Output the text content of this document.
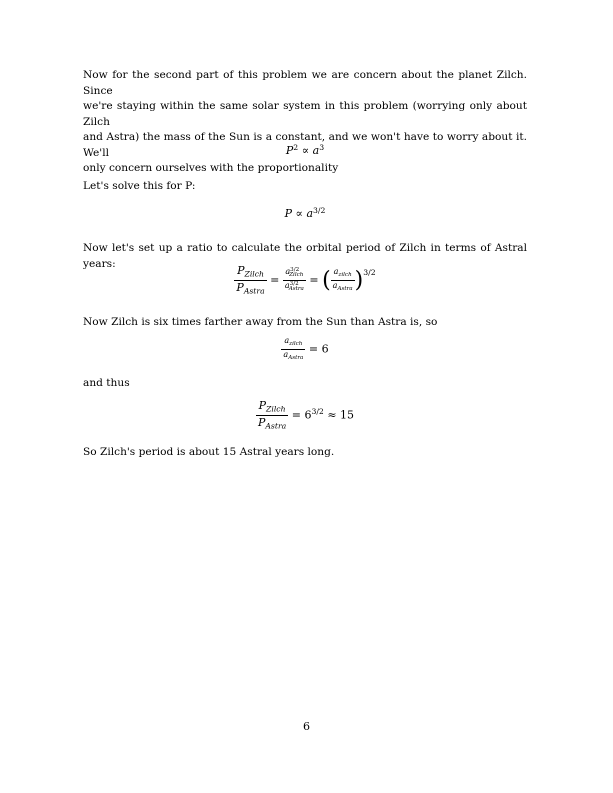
Now for the second part of this problem we are concern about the planet Zilch. Since
we're staying within the same solar system in this problem (worrying only about Zilch
and Astra) the mass of the Sun is a constant, and we won't have to worry about it. We'll
only concern ourselves with the proportionality

$P^2 \propto a^3$

Let's solve this for P:

$P \propto a^{3/2}$

Now let's set up a ratio to calculate the orbital period of Zilch in terms of Astral years:

$\frac{P_{Zilch}}{P_{Astra}} = \frac{a^{3/2}_{Zilch}}{a^{3/2}_{Astra}}$ = ( $\frac{a_{zilch}}{a_{Astra}} )^{3/2}$

Now Zilch is six times farther away from the Sun than Astra is, so

$\frac{a_{zilch}}{a_{Astra}} = 6$

and thus

$\frac{P_{Zilch}}{P_{Astra}} = 6^{3/2} \approx 15$

So Zilch's period is about 15 Astral years long.

6
